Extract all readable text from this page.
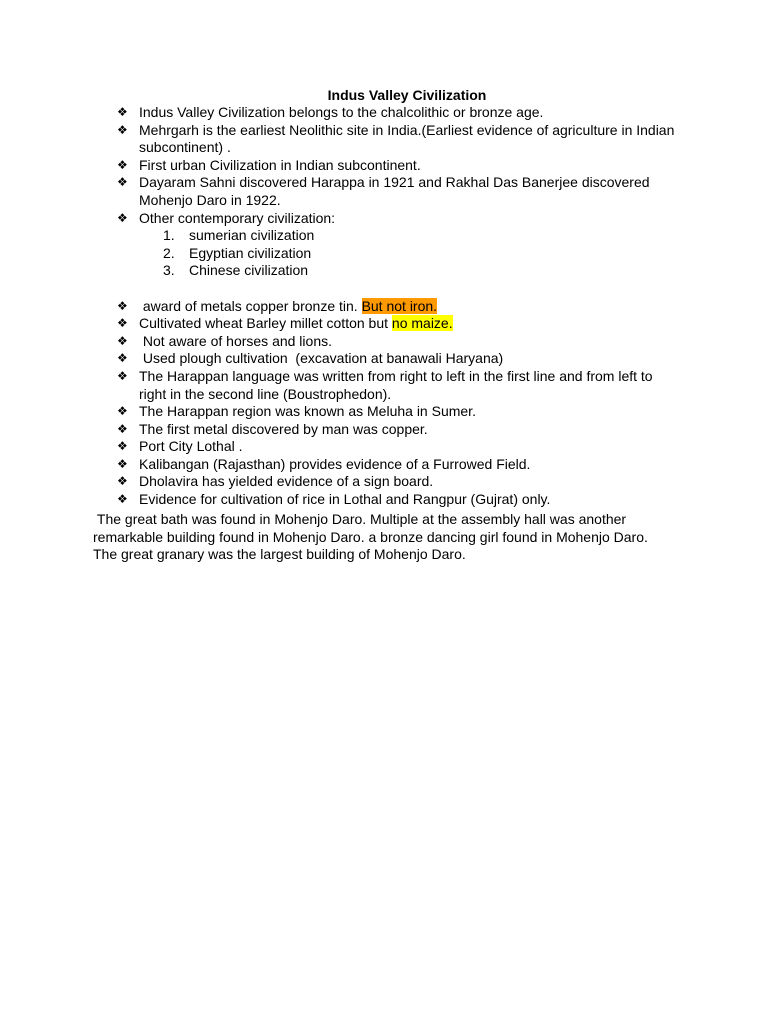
Indus Valley Civilization
❖ Indus Valley Civilization belongs to the chalcolithic or bronze age.
❖ Mehrgarh is the earliest Neolithic site in India.(Earliest evidence of agriculture in Indian subcontinent) .
❖ First urban Civilization in Indian subcontinent.
❖ Dayaram Sahni discovered Harappa in 1921 and Rakhal Das Banerjee discovered Mohenjo Daro in 1922.
❖ Other contemporary civilization:
1. sumerian civilization
2. Egyptian civilization
3. Chinese civilization
❖ award of metals copper bronze tin. But not iron.
❖ Cultivated wheat Barley millet cotton but no maize.
❖ Not aware of horses and lions.
❖ Used plough cultivation  (excavation at banawali Haryana)
❖ The Harappan language was written from right to left in the first line and from left to right in the second line (Boustrophedon).
❖ The Harappan region was known as Meluha in Sumer.
❖ The first metal discovered by man was copper.
❖ Port City Lothal .
❖ Kalibangan (Rajasthan) provides evidence of a Furrowed Field.
❖ Dholavira has yielded evidence of a sign board.
❖ Evidence for cultivation of rice in Lothal and Rangpur (Gujrat) only.

The great bath was found in Mohenjo Daro. Multiple at the assembly hall was another remarkable building found in Mohenjo Daro. a bronze dancing girl found in Mohenjo Daro. The great granary was the largest building of Mohenjo Daro.
